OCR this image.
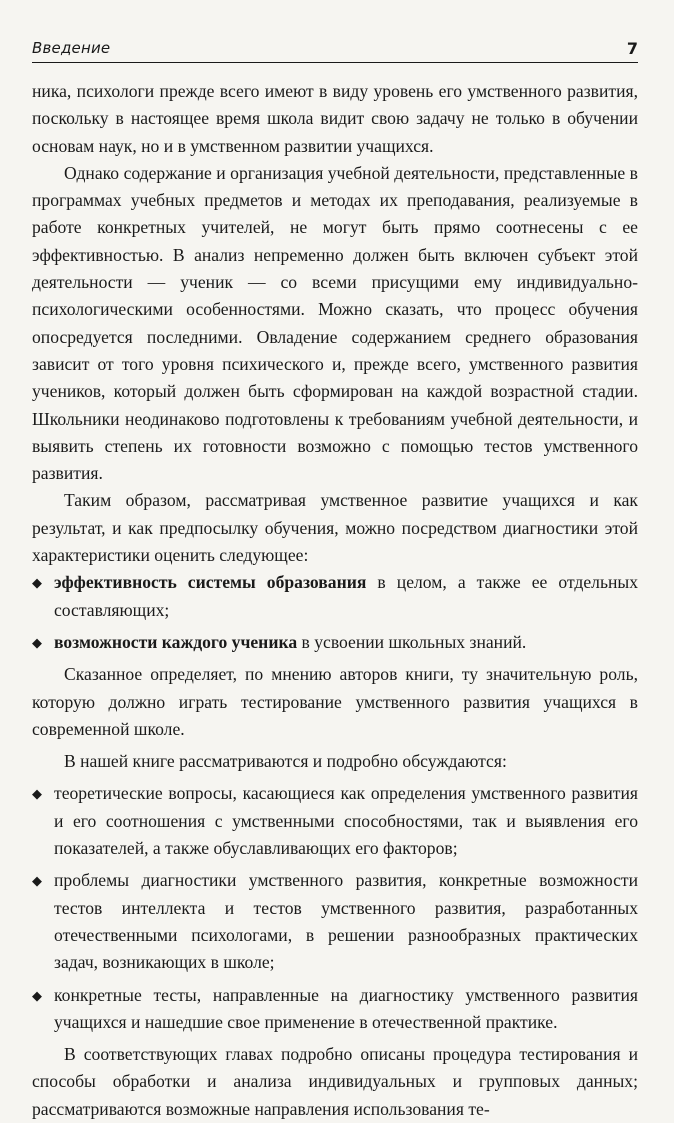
Введение	7

ника, психологи прежде всего имеют в виду уровень его умственного развития, поскольку в настоящее время школа видит свою задачу не только в обучении основам наук, но и в умственном развитии учащихся.

Однако содержание и организация учебной деятельности, представленные в программах учебных предметов и методах их преподавания, реализуемые в работе конкретных учителей, не могут быть прямо соотнесены с ее эффективностью. В анализ непременно должен быть включен субъект этой деятельности — ученик — со всеми присущими ему индивидуально-психологическими особенностями. Можно сказать, что процесс обучения опосредуется последними. Овладение содержанием среднего образования зависит от того уровня психического и, прежде всего, умственного развития учеников, который должен быть сформирован на каждой возрастной стадии. Школьники неодинаково подготовлены к требованиям учебной деятельности, и выявить степень их готовности возможно с помощью тестов умственного развития.

Таким образом, рассматривая умственное развитие учащихся и как результат, и как предпосылку обучения, можно посредством диагностики этой характеристики оценить следующее:

◆ эффективность системы образования в целом, а также ее отдельных составляющих;
◆ возможности каждого ученика в усвоении школьных знаний.

Сказанное определяет, по мнению авторов книги, ту значительную роль, которую должно играть тестирование умственного развития учащихся в современной школе.

В нашей книге рассматриваются и подробно обсуждаются:

◆ теоретические вопросы, касающиеся как определения умственного развития и его соотношения с умственными способностями, так и выявления его показателей, а также обуславливающих его факторов;
◆ проблемы диагностики умственного развития, конкретные возможности тестов интеллекта и тестов умственного развития, разработанных отечественными психологами, в решении разнообразных практических задач, возникающих в школе;
◆ конкретные тесты, направленные на диагностику умственного развития учащихся и нашедшие свое применение в отечественной практике.

В соответствующих главах подробно описаны процедура тестирования и способы обработки и анализа индивидуальных и групповых данных; рассматриваются возможные направления использования те-
